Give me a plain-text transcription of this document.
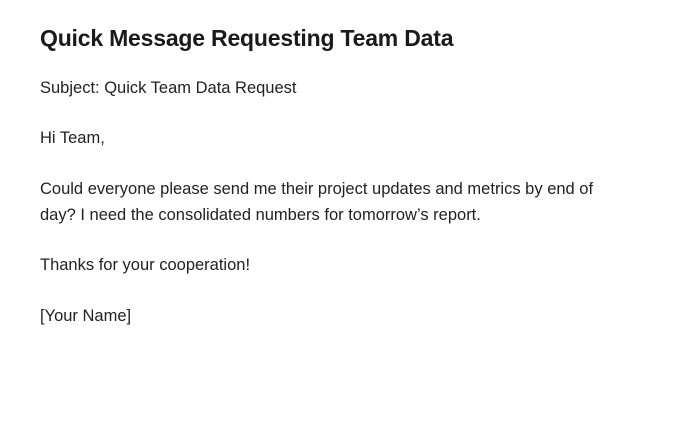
Quick Message Requesting Team Data

Subject: Quick Team Data Request

Hi Team,

Could everyone please send me their project updates and metrics by end of day? I need the consolidated numbers for tomorrow’s report.

Thanks for your cooperation!

[Your Name]
